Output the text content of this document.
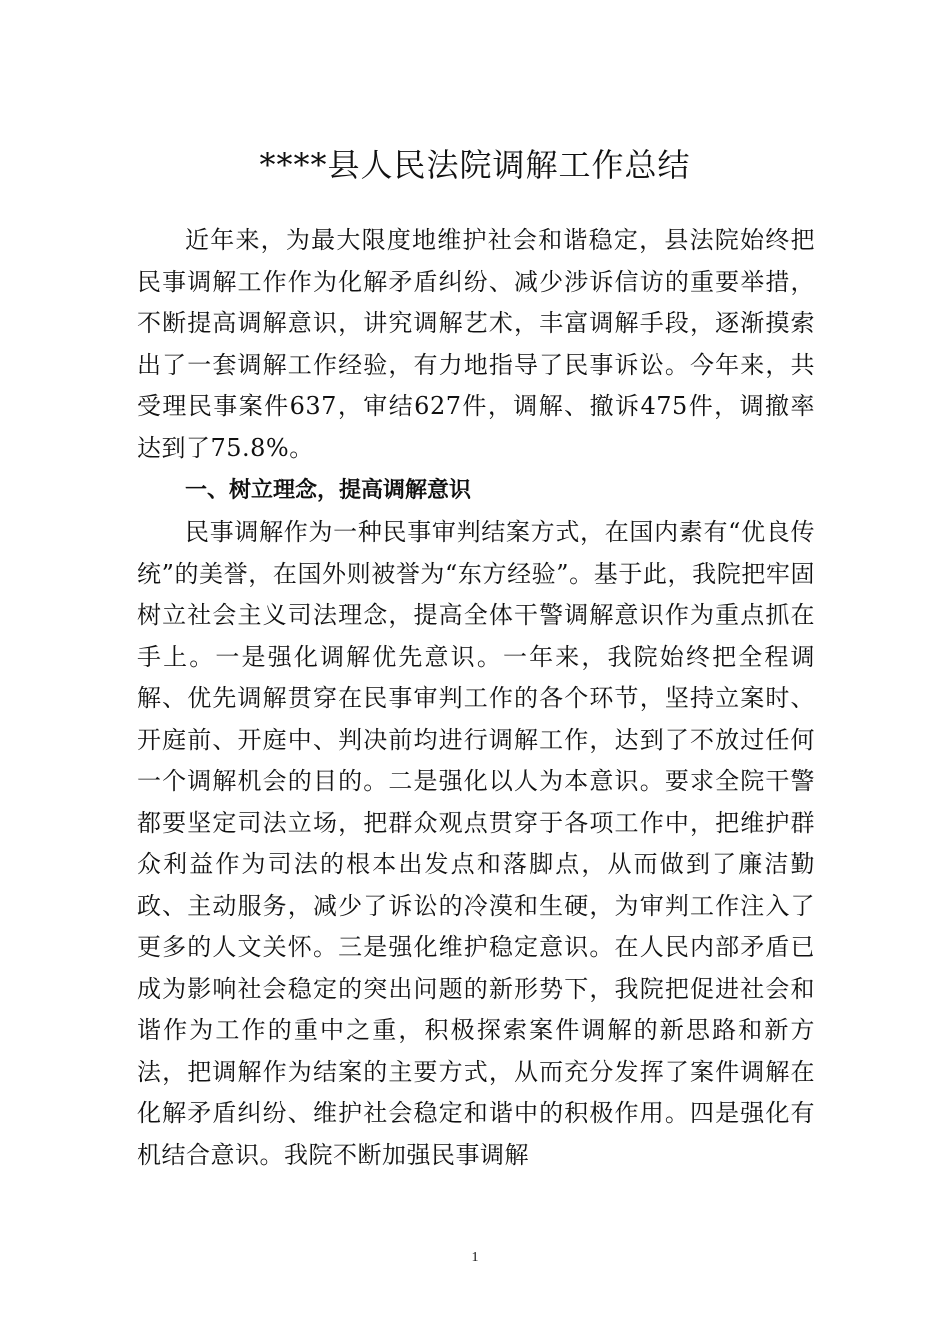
****县人民法院调解工作总结

近年来，为最大限度地维护社会和谐稳定，县法院始终把民事调解工作作为化解矛盾纠纷、减少涉诉信访的重要举措，不断提高调解意识，讲究调解艺术，丰富调解手段，逐渐摸索出了一套调解工作经验，有力地指导了民事诉讼。今年来，共受理民事案件637，审结627件，调解、撤诉475件，调撤率达到了75.8%。

一、树立理念，提高调解意识

民事调解作为一种民事审判结案方式，在国内素有“优良传统”的美誉，在国外则被誉为“东方经验”。基于此，我院把牢固树立社会主义司法理念，提高全体干警调解意识作为重点抓在手上。一是强化调解优先意识。一年来，我院始终把全程调解、优先调解贯穿在民事审判工作的各个环节，坚持立案时、开庭前、开庭中、判决前均进行调解工作，达到了不放过任何一个调解机会的目的。二是强化以人为本意识。要求全院干警都要坚定司法立场，把群众观点贯穿于各项工作中，把维护群众利益作为司法的根本出发点和落脚点，从而做到了廉洁勤政、主动服务，减少了诉讼的冷漠和生硬，为审判工作注入了更多的人文关怀。三是强化维护稳定意识。在人民内部矛盾已成为影响社会稳定的突出问题的新形势下，我院把促进社会和谐作为工作的重中之重，积极探索案件调解的新思路和新方法，把调解作为结案的主要方式，从而充分发挥了案件调解在化解矛盾纠纷、维护社会稳定和谐中的积极作用。四是强化有机结合意识。我院不断加强民事调解

1
